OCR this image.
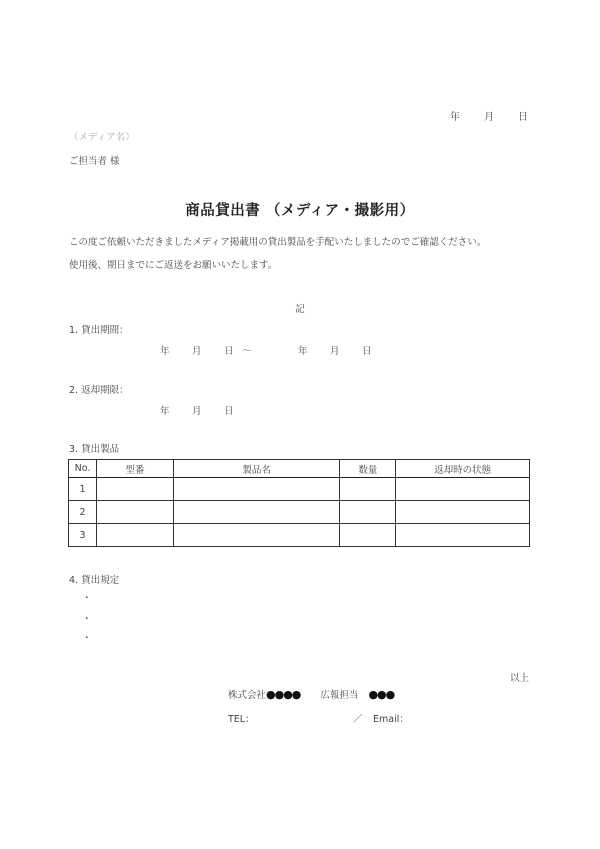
年 月 日
（メディア名）
ご担当者 様
商品貸出書 （メディア・撮影用）
この度ご依頼いただきましたメディア掲載用の貸出製品を手配いたしましたのでご確認ください。
使用後、期日までにご返送をお願いいたします。
記
1. 貸出期間：
年 月 日 ～	年 月 日
2. 返却期限：
年 月 日
3. 貸出製品
No.	型番	製品名	数量	返却時の状態
1				
2				
3				
4. 貸出規定
・
・
・
以上
株式会社 ●●●● 広報担当 ●●●
TEL：	／ Email：
